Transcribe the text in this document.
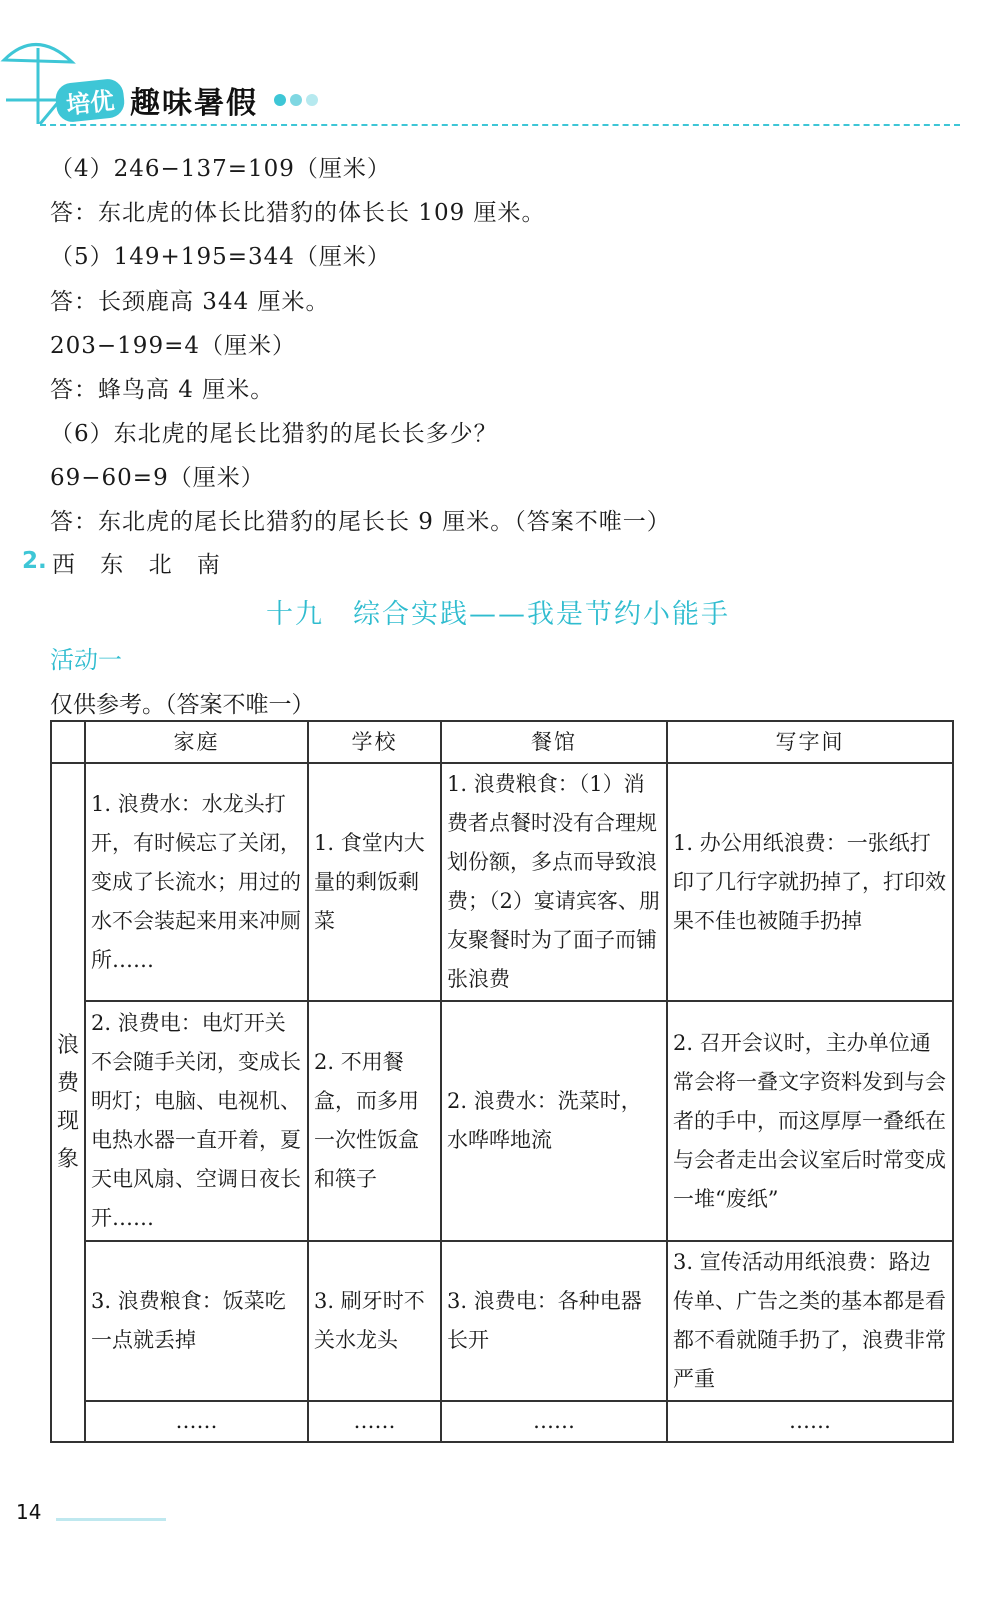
培优 趣味暑假
（4）246−137=109（厘米）
答：东北虎的体长比猎豹的体长长 109 厘米。
（5）149+195=344（厘米）
答：长颈鹿高 344 厘米。
203−199=4（厘米）
答：蜂鸟高 4 厘米。
（6）东北虎的尾长比猎豹的尾长长多少？
69−60=9（厘米）
答：东北虎的尾长比猎豹的尾长长 9 厘米。（答案不唯一）
2. 西 东 北 南
十九　综合实践——我是节约小能手
活动一
仅供参考。（答案不唯一）
	家庭	学校	餐馆	写字间
浪
费
现
象	1. 浪费水：水龙头打开，有时候忘了关闭，变成了长流水；用过的水不会装起来用来冲厕所……	1. 食堂内大量的剩饭剩菜	1. 浪费粮食：（1）消费者点餐时没有合理规划份额，多点而导致浪费；（2）宴请宾客、朋友聚餐时为了面子而铺张浪费	1. 办公用纸浪费：一张纸打印了几行字就扔掉了，打印效果不佳也被随手扔掉
	2. 浪费电：电灯开关不会随手关闭，变成长明灯；电脑、电视机、电热水器一直开着，夏天电风扇、空调日夜长开……	2. 不用餐盒，而多用一次性饭盒和筷子	2. 浪费水：洗菜时，水哗哗地流	2. 召开会议时，主办单位通常会将一叠文字资料发到与会者的手中，而这厚厚一叠纸在与会者走出会议室后时常变成一堆“废纸”
	3. 浪费粮食：饭菜吃一点就丢掉	3. 刷牙时不关水龙头	3. 浪费电：各种电器长开	3. 宣传活动用纸浪费：路边传单、广告之类的基本都是看都不看就随手扔了，浪费非常严重
	……	……	……	……
14
